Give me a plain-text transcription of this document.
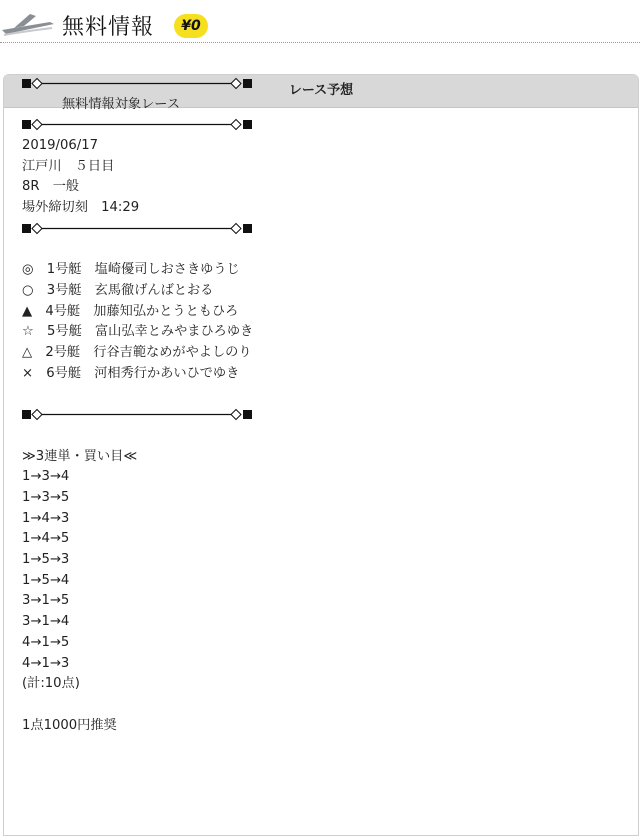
無料情報	¥0
レース予想
無料情報対象レース
2019/06/17
江戸川　５日目
8R　一般
場外締切刻　14:29
◎　 1号艇　塩崎優司しおさきゆうじ
○　 3号艇　玄馬徹げんばとおる
▲　 4号艇　加藤知弘かとうともひろ
☆　 5号艇　富山弘幸とみやまひろゆき
△　 2号艇　行谷吉範なめがやよしのり
×　 6号艇　河相秀行かあいひでゆき
≫3連単・買い目≪
1→3→4
1→3→5
1→4→3
1→4→5
1→5→3
1→5→4
3→1→5
3→1→4
4→1→5
4→1→3
(計:10点)
1点1000円推奨
